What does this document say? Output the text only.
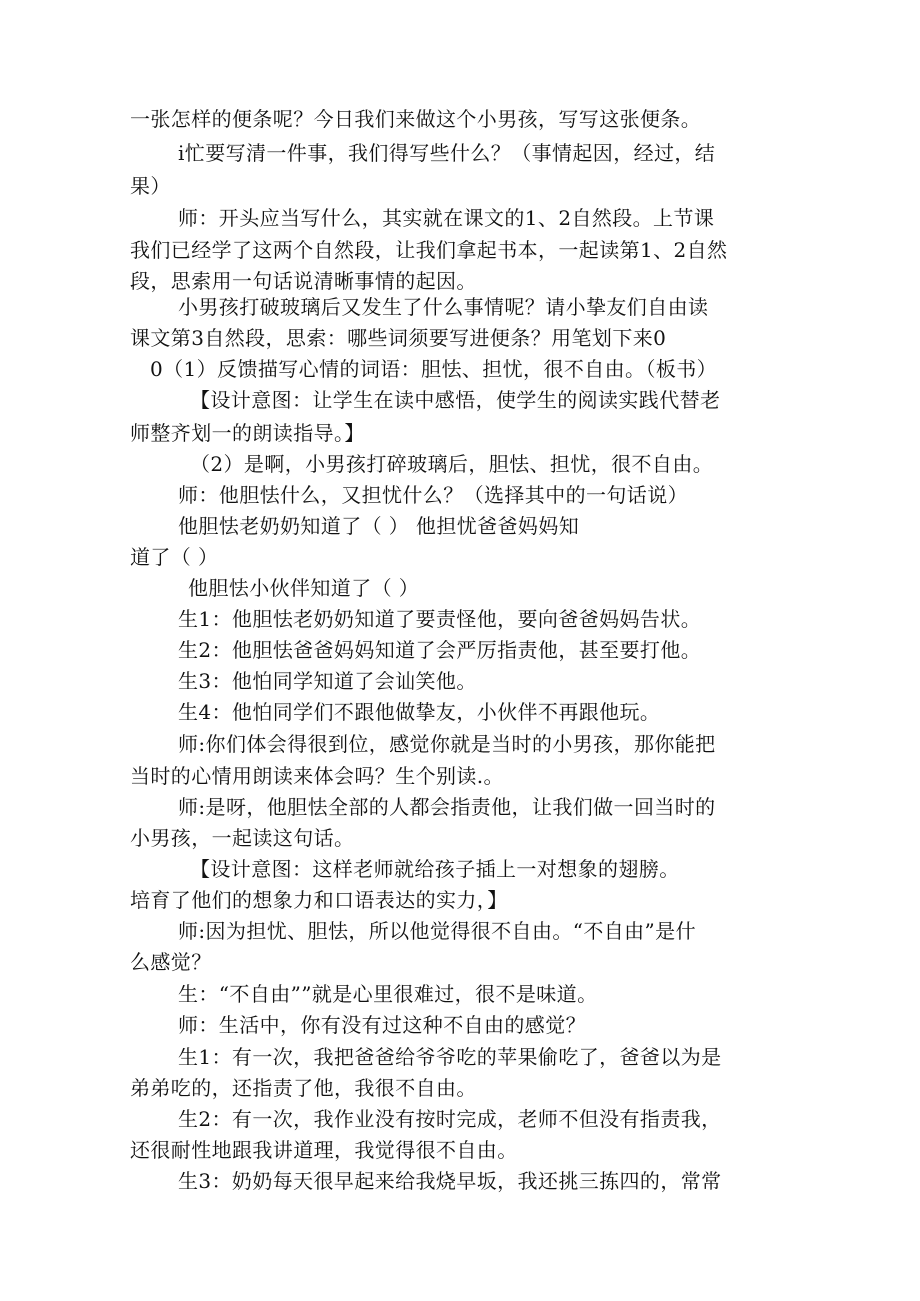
一张怎样的便条呢？今日我们来做这个小男孩，写写这张便条。
i忙要写清一件事，我们得写些什么？（事情起因，经过，结
果）
师：开头应当写什么，其实就在课文的1、2自然段。上节课
我们已经学了这两个自然段，让我们拿起书本，一起读第1、2自然
段，思索用一句话说清晰事情的起因。
小男孩打破玻璃后又发生了什么事情呢？请小挚友们自由读
课文第3自然段，思索：哪些词须要写进便条？用笔划下来0
0（1）反馈描写心情的词语：胆怯、担忧，很不自由。（板书）
【设计意图：让学生在读中感悟，使学生的阅读实践代替老
师整齐划一的朗读指导。】
（2）是啊，小男孩打碎玻璃后，胆怯、担忧，很不自由。
师：他胆怯什么，又担忧什么？（选择其中的一句话说）
他胆怯老奶奶知道了（ ） 他担忧爸爸妈妈知
道了（ ）
他胆怯小伙伴知道了（ ）
生1：他胆怯老奶奶知道了要责怪他，要向爸爸妈妈告状。
生2：他胆怯爸爸妈妈知道了会严厉指责他，甚至要打他。
生3：他怕同学知道了会讪笑他。
生4：他怕同学们不跟他做挚友，小伙伴不再跟他玩。
师:你们体会得很到位，感觉你就是当时的小男孩，那你能把
当时的心情用朗读来体会吗？生个别读.。
师:是呀，他胆怯全部的人都会指责他，让我们做一回当时的
小男孩，一起读这句话。
【设计意图：这样老师就给孩子插上一对想象的翅膀。
培育了他们的想象力和口语表达的实力，】
师:因为担忧、胆怯，所以他觉得很不自由。“不自由”是什
么感觉？
生：“不自由””就是心里很难过，很不是味道。
师：生活中，你有没有过这种不自由的感觉？
生1：有一次，我把爸爸给爷爷吃的苹果偷吃了，爸爸以为是
弟弟吃的，还指责了他，我很不自由。
生2：有一次，我作业没有按时完成，老师不但没有指责我，
还很耐性地跟我讲道理，我觉得很不自由。
生3：奶奶每天很早起来给我烧早坂，我还挑三拣四的，常常
